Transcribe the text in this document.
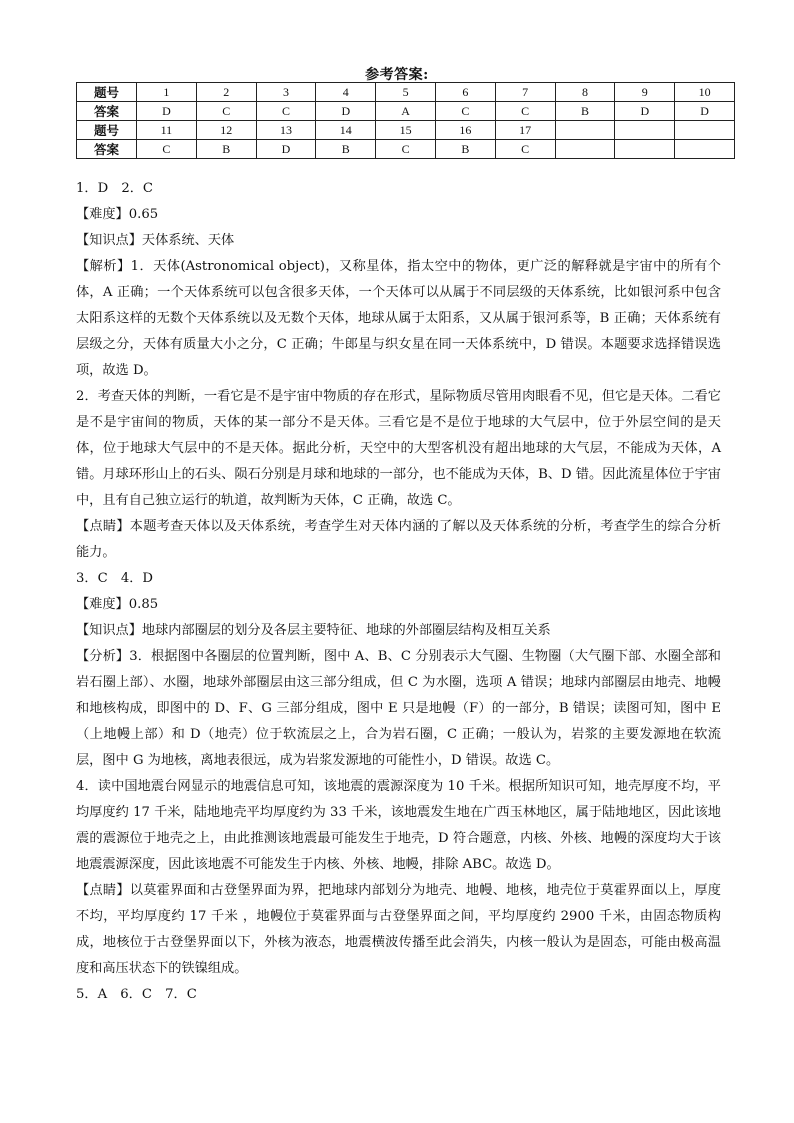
参考答案:
题号	1	2	3	4	5	6	7	8	9	10
答案	D	C	C	D	A	C	C	B	D	D
题号	11	12	13	14	15	16	17			
答案	C	B	D	B	C	B	C			

1．D　2．C

【难度】0.65

【知识点】天体系统、天体

【解析】1．天体(Astronomical object)，又称星体，指太空中的物体，更广泛的解释就是宇宙中的所有个体，A 正确；一个天体系统可以包含很多天体，一个天体可以从属于不同层级的天体系统，比如银河系中包含太阳系这样的无数个天体系统以及无数个天体，地球从属于太阳系，又从属于银河系等，B 正确；天体系统有层级之分，天体有质量大小之分，C 正确；牛郎星与织女星在同一天体系统中，D 错误。本题要求选择错误选项，故选 D。

2．考查天体的判断，一看它是不是宇宙中物质的存在形式，星际物质尽管用肉眼看不见，但它是天体。二看它是不是宇宙间的物质，天体的某一部分不是天体。三看它是不是位于地球的大气层中，位于外层空间的是天体，位于地球大气层中的不是天体。据此分析，天空中的大型客机没有超出地球的大气层，不能成为天体，A 错。月球环形山上的石头、陨石分别是月球和地球的一部分，也不能成为天体，B、D 错。因此流星体位于宇宙中，且有自己独立运行的轨道，故判断为天体，C 正确，故选 C。

【点睛】本题考查天体以及天体系统，考查学生对天体内涵的了解以及天体系统的分析，考查学生的综合分析能力。

3．C　4．D

【难度】0.85

【知识点】地球内部圈层的划分及各层主要特征、地球的外部圈层结构及相互关系

【分析】3．根据图中各圈层的位置判断，图中 A、B、C 分别表示大气圈、生物圈（大气圈下部、水圈全部和岩石圈上部）、水圈，地球外部圈层由这三部分组成，但 C 为水圈，选项 A 错误；地球内部圈层由地壳、地幔和地核构成，即图中的 D、F、G 三部分组成，图中 E 只是地幔（F）的一部分，B 错误；读图可知，图中 E（上地幔上部）和 D（地壳）位于软流层之上，合为岩石圈，C 正确；一般认为，岩浆的主要发源地在软流层，图中 G 为地核，离地表很远，成为岩浆发源地的可能性小，D 错误。故选 C。

4．读中国地震台网显示的地震信息可知，该地震的震源深度为 10 千米。根据所知识可知，地壳厚度不均，平均厚度约 17 千米，陆地地壳平均厚度约为 33 千米，该地震发生地在广西玉林地区，属于陆地地区，因此该地震的震源位于地壳之上，由此推测该地震最可能发生于地壳，D 符合题意，内核、外核、地幔的深度均大于该地震震源深度，因此该地震不可能发生于内核、外核、地幔，排除 ABC。故选 D。

【点睛】以莫霍界面和古登堡界面为界，把地球内部划分为地壳、地幔、地核，地壳位于莫霍界面以上，厚度不均，平均厚度约 17 千米 ，地幔位于莫霍界面与古登堡界面之间，平均厚度约 2900 千米，由固态物质构成，地核位于古登堡界面以下，外核为液态，地震横波传播至此会消失，内核一般认为是固态，可能由极高温度和高压状态下的铁镍组成。

5．A　6．C　7．C
